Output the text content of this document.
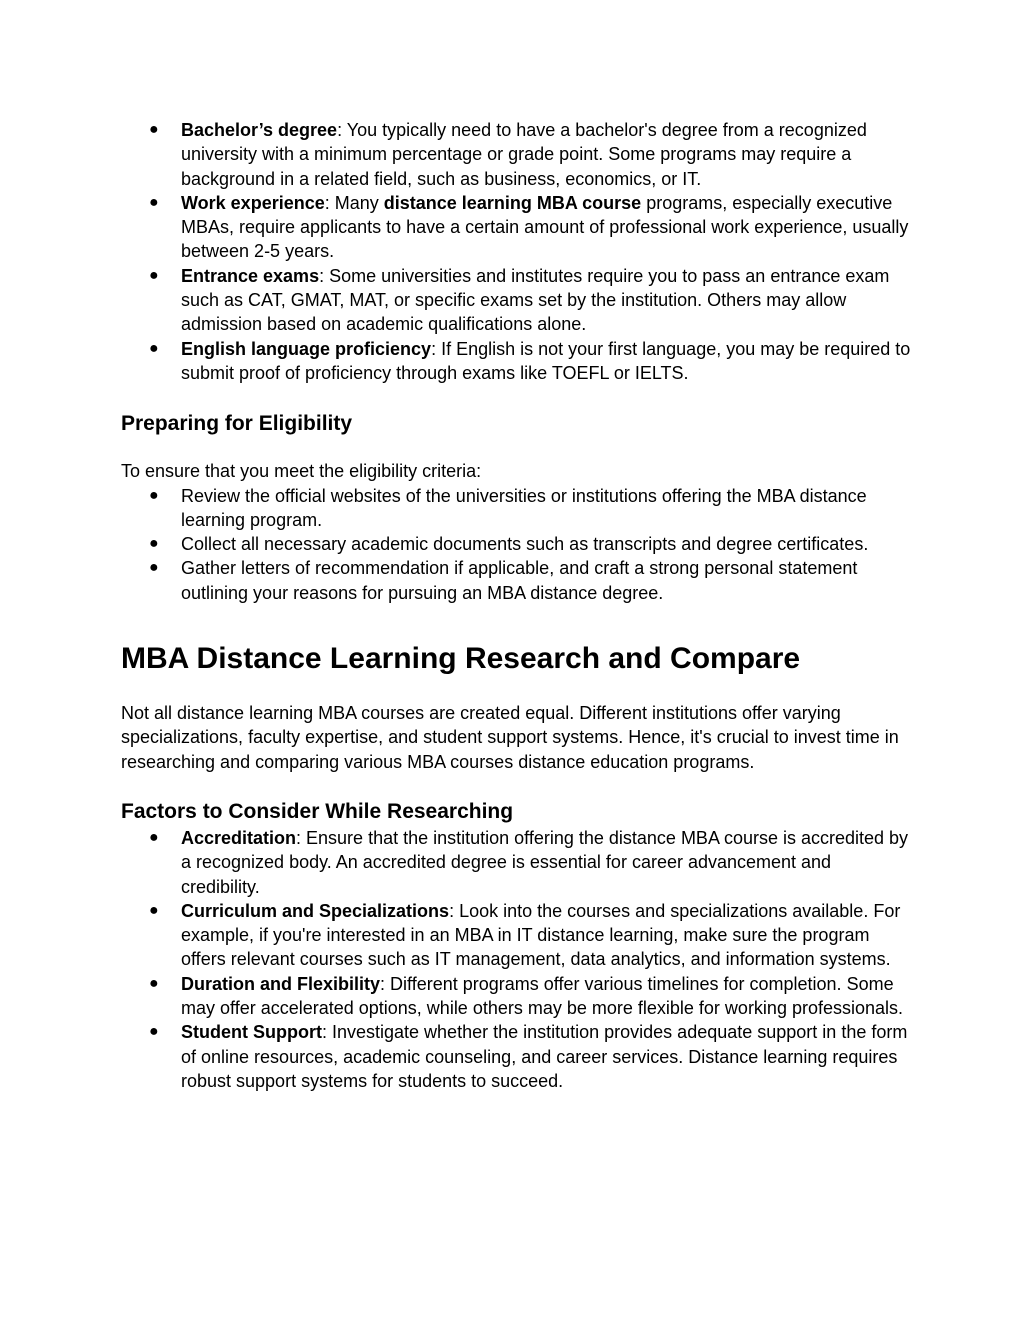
● Bachelor’s degree: You typically need to have a bachelor's degree from a recognized university with a minimum percentage or grade point. Some programs may require a background in a related field, such as business, economics, or IT.
● Work experience: Many distance learning MBA course programs, especially executive MBAs, require applicants to have a certain amount of professional work experience, usually between 2-5 years.
● Entrance exams: Some universities and institutes require you to pass an entrance exam such as CAT, GMAT, MAT, or specific exams set by the institution. Others may allow admission based on academic qualifications alone.
● English language proficiency: If English is not your first language, you may be required to submit proof of proficiency through exams like TOEFL or IELTS.
Preparing for Eligibility

To ensure that you meet the eligibility criteria:

● Review the official websites of the universities or institutions offering the MBA distance learning program.
● Collect all necessary academic documents such as transcripts and degree certificates.
● Gather letters of recommendation if applicable, and craft a strong personal statement outlining your reasons for pursuing an MBA distance degree.
MBA Distance Learning Research and Compare

Not all distance learning MBA courses are created equal. Different institutions offer varying specializations, faculty expertise, and student support systems. Hence, it's crucial to invest time in researching and comparing various MBA courses distance education programs.

Factors to Consider While Researching
● Accreditation: Ensure that the institution offering the distance MBA course is accredited by a recognized body. An accredited degree is essential for career advancement and credibility.
● Curriculum and Specializations: Look into the courses and specializations available. For example, if you're interested in an MBA in IT distance learning, make sure the program offers relevant courses such as IT management, data analytics, and information systems.
● Duration and Flexibility: Different programs offer various timelines for completion. Some may offer accelerated options, while others may be more flexible for working professionals.
● Student Support: Investigate whether the institution provides adequate support in the form of online resources, academic counseling, and career services. Distance learning requires robust support systems for students to succeed.
